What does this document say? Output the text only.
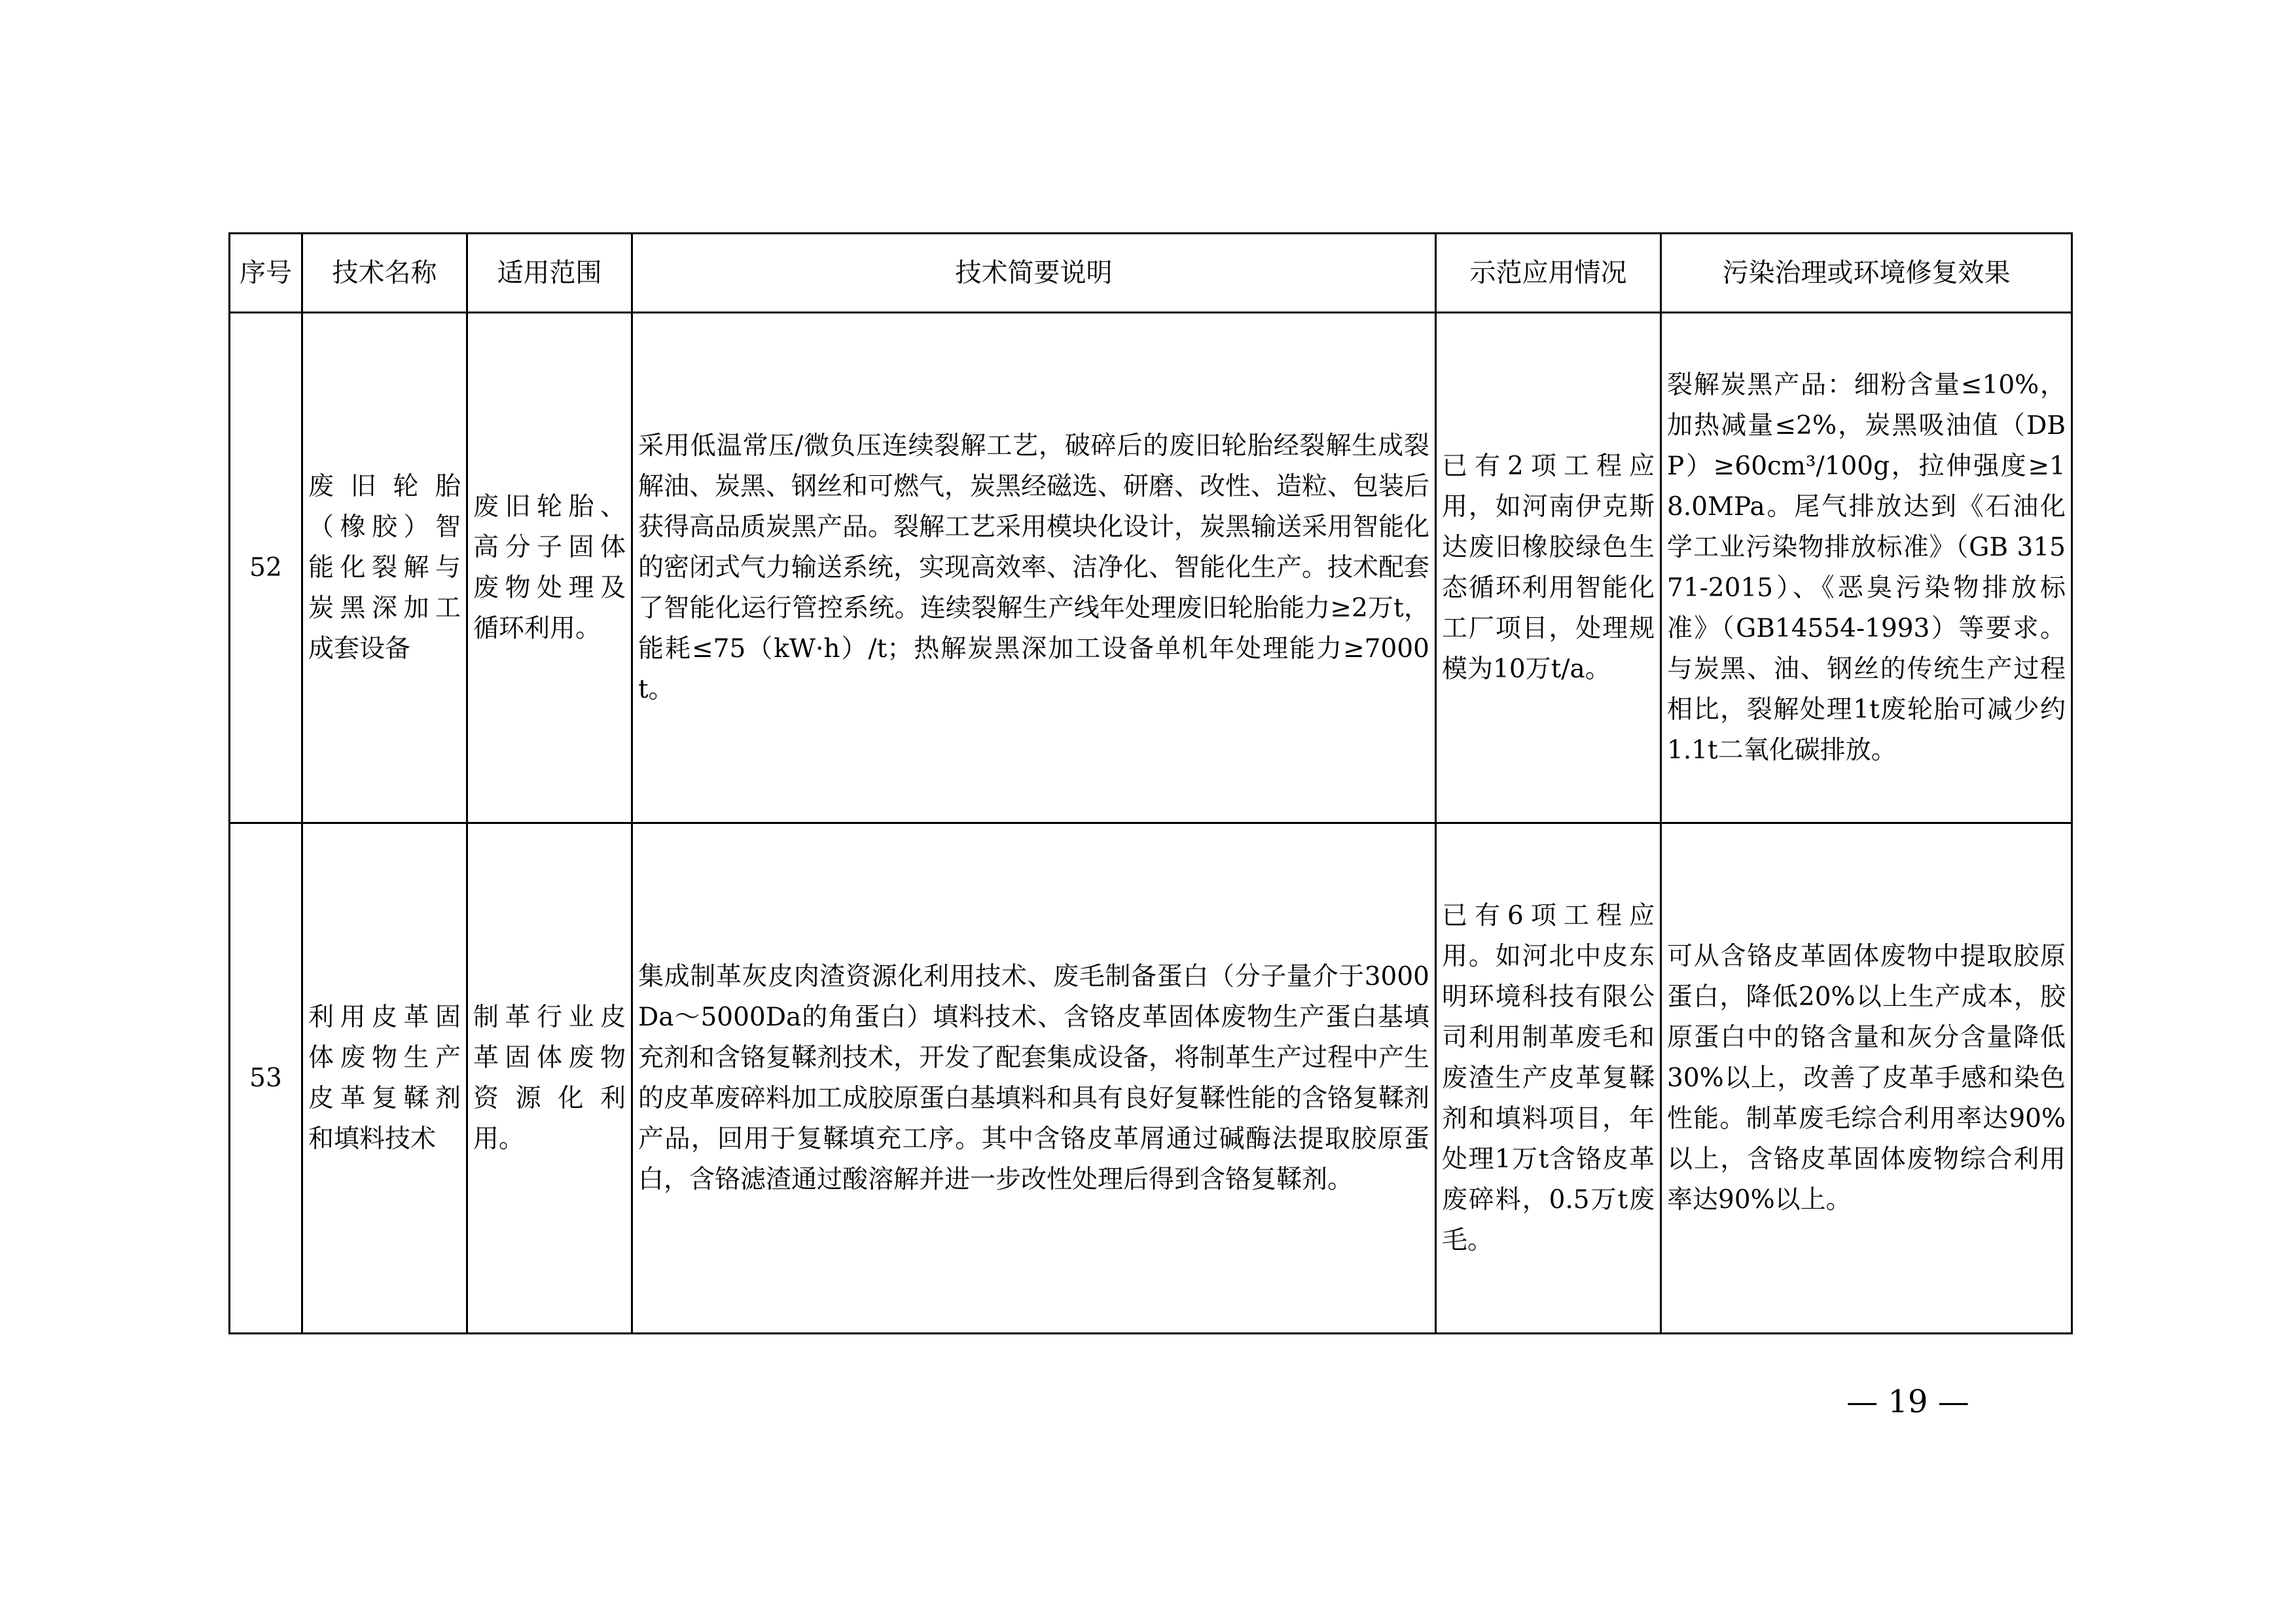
序号	技术名称	适用范围	技术简要说明	示范应用情况	污染治理或环境修复效果
52	废旧轮胎（橡胶）智能化裂解与炭黑深加工成套设备	废旧轮胎、高分子固体废物处理及循环利用。	采用低温常压/微负压连续裂解工艺，破碎后的废旧轮胎经裂解生成裂解油、炭黑、钢丝和可燃气，炭黑经磁选、研磨、改性、造粒、包装后获得高品质炭黑产品。裂解工艺采用模块化设计，炭黑输送采用智能化的密闭式气力输送系统，实现高效率、洁净化、智能化生产。技术配套了智能化运行管控系统。连续裂解生产线年处理废旧轮胎能力≥2万t，能耗≤75（kW·h）/t；热解炭黑深加工设备单机年处理能力≥7000t。	已有2项工程应用，如河南伊克斯达废旧橡胶绿色生态循环利用智能化工厂项目，处理规模为10万t/a。	裂解炭黑产品：细粉含量≤10%，加热减量≤2%，炭黑吸油值（DBP）≥60cm³/100g，拉伸强度≥18.0MPa。尾气排放达到《石油化学工业污染物排放标准》（GB 31571-2015）、《恶臭污染物排放标准》（GB14554-1993）等要求。与炭黑、油、钢丝的传统生产过程相比，裂解处理1t废轮胎可减少约1.1t二氧化碳排放。
53	利用皮革固体废物生产皮革复鞣剂和填料技术	制革行业皮革固体废物资源化利用。	集成制革灰皮肉渣资源化利用技术、废毛制备蛋白（分子量介于3000Da～5000Da的角蛋白）填料技术、含铬皮革固体废物生产蛋白基填充剂和含铬复鞣剂技术，开发了配套集成设备，将制革生产过程中产生的皮革废碎料加工成胶原蛋白基填料和具有良好复鞣性能的含铬复鞣剂产品，回用于复鞣填充工序。其中含铬皮革屑通过碱酶法提取胶原蛋白，含铬滤渣通过酸溶解并进一步改性处理后得到含铬复鞣剂。	已有6项工程应用。如河北中皮东明环境科技有限公司利用制革废毛和废渣生产皮革复鞣剂和填料项目，年处理1万t含铬皮革废碎料，0.5万t废毛。	可从含铬皮革固体废物中提取胶原蛋白，降低20%以上生产成本，胶原蛋白中的铬含量和灰分含量降低30%以上，改善了皮革手感和染色性能。制革废毛综合利用率达90%以上，含铬皮革固体废物综合利用率达90%以上。
— 19 —
